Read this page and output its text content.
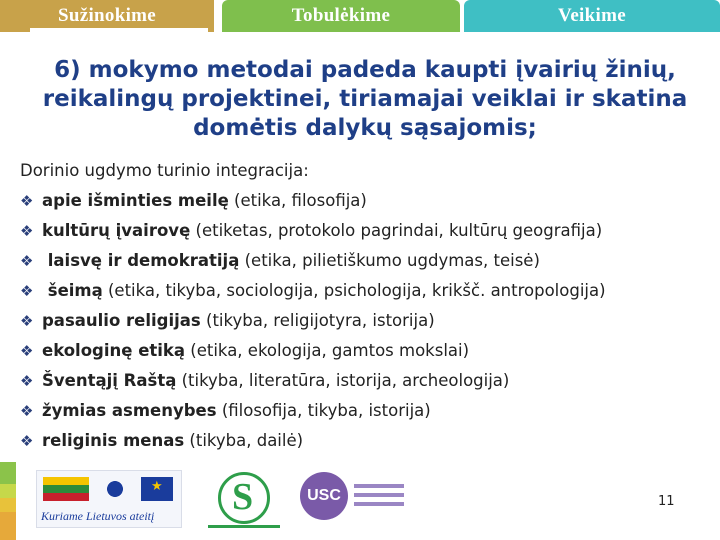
Sužinokime	Tobulėkime	Veikime
6) mokymo metodai padeda kaupti įvairių žinių, reikalingų projektinei, tiriamajai veiklai ir skatina domėtis dalykų sąsajomis;

Dorinio ugdymo turinio integracija:

❖ apie išminties meilę (etika, filosofija)
❖ kultūrų įvairovę (etiketas, protokolo pagrindai, kultūrų geografija)
❖ laisvę ir demokratiją (etika, pilietiškumo ugdymas, teisė)
❖ šeimą (etika, tikyba, sociologija, psichologija, krikšč. antropologija)
❖ pasaulio religijas (tikyba, religijotyra, istorija)
❖ ekologinę etiką (etika, ekologija, gamtos mokslai)
❖ Šventąjį Raštą (tikyba, literatūra, istorija, archeologija)
❖ žymias asmenybes (filosofija, tikyba, istorija)
❖ religinis menas (tikyba, dailė)
★
Kuriame Lietuvos ateitį S	USC	11
